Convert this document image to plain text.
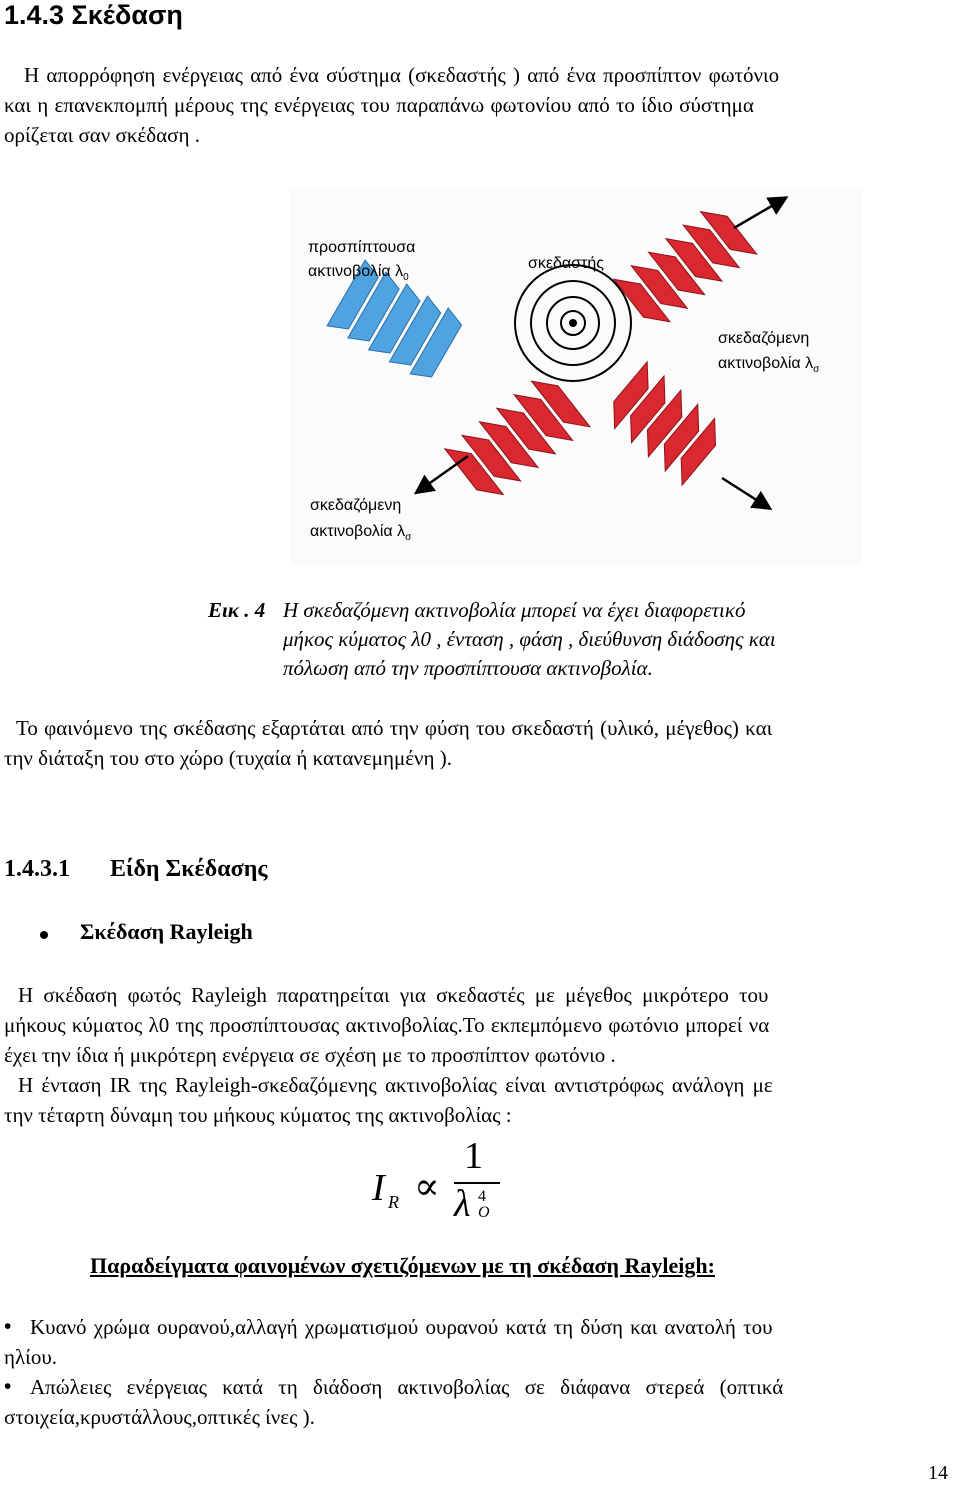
1.4.3 Σκέδαση
Η απορρόφηση ενέργειας από ένα σύστημα (σκεδαστής ) από ένα προσπίπτον φωτόνιο
και η επανεκπομπή μέρους της ενέργειας του παραπάνω φωτονίου από το ίδιο σύστημα
ορίζεται σαν σκέδαση .
προσπίπτουσα
ακτινοβολία $\lambda_0$
σκεδαστής
σκεδαζόμενη
ακτινοβολία $\lambda_\sigma$
σκεδαζόμενη
ακτινοβολία $\lambda_\sigma$
Εικ . 4 Η σκεδαζόμενη ακτινοβολία μπορεί να έχει διαφορετικό
μήκος κύματος λ0 , ένταση , φάση , διεύθυνση διάδοσης και
πόλωση από την προσπίπτουσα ακτινοβολία.
Το φαινόμενο της σκέδασης εξαρτάται από την φύση του σκεδαστή (υλικό, μέγεθος) και
την διάταξη του στο χώρο (τυχαία ή κατανεμημένη ).
1.4.3.1 Είδη Σκέδασης
Σκέδαση Rayleigh
Η σκέδαση φωτός Rayleigh παρατηρείται για σκεδαστές με μέγεθος μικρότερο του
μήκους κύματος λ0 της προσπίπτουσας ακτινοβολίας.Το εκπεμπόμενο φωτόνιο μπορεί να
έχει την ίδια ή μικρότερη ενέργεια σε σχέση με το προσπίπτον φωτόνιο .
Η ένταση IR της Rayleigh-σκεδαζόμενης ακτινοβολίας είναι αντιστρόφως ανάλογη με
την τέταρτη δύναμη του μήκους κύματος της ακτινοβολίας :
I R ∝
1
λ 4
O
Παραδείγματα φαινομένων σχετιζόμενων με τη σκέδαση Rayleigh:
• Κυανό χρώμα ουρανού,αλλαγή χρωματισμού ουρανού κατά τη δύση και ανατολή του
ηλίου.
• Απώλειες ενέργειας κατά τη διάδοση ακτινοβολίας σε διάφανα στερεά (οπτικά
στοιχεία,κρυστάλλους,οπτικές ίνες ).
14
